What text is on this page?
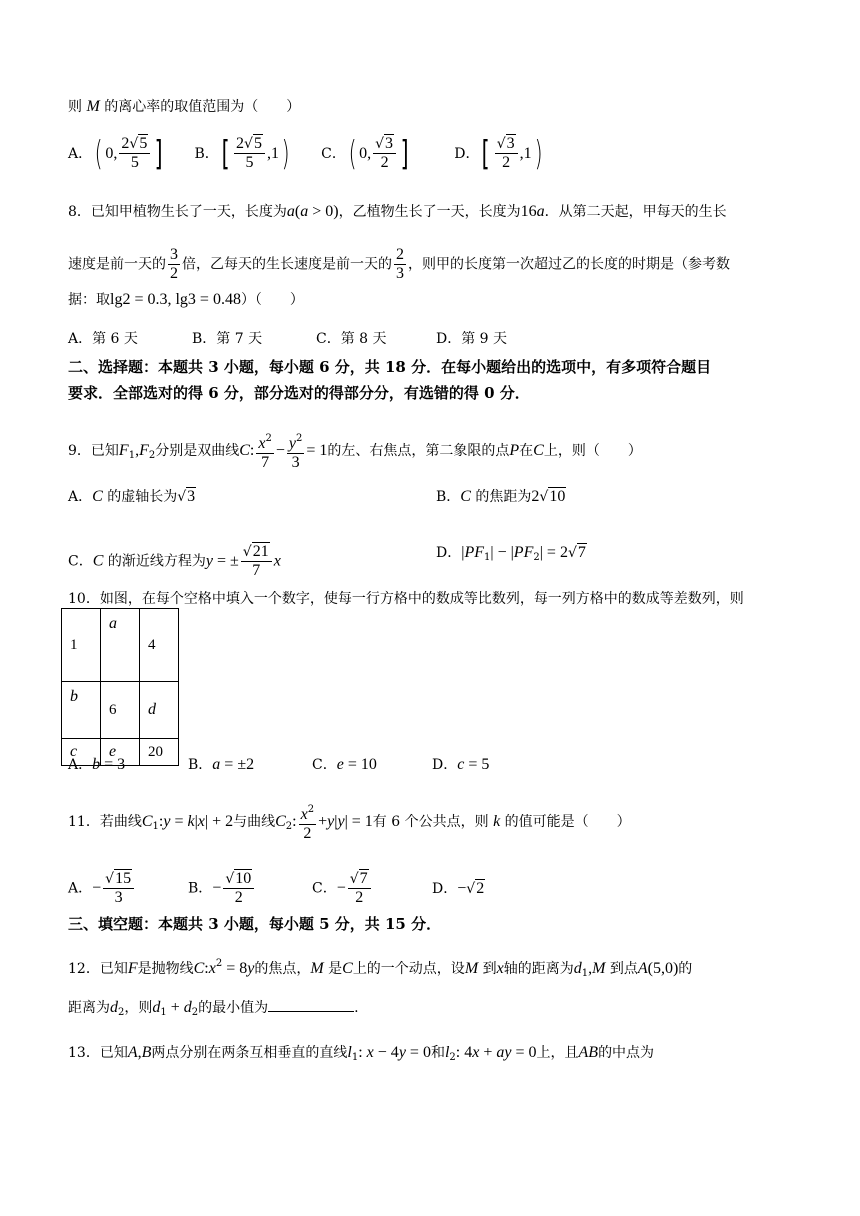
则 M 的离心率的取值范围为（　　）
A．( 0, $\frac{2√5}{5}$ ] B．[ $\frac{2√5}{5} ,1$) C．( 0, $\frac{√3}{2}$ ]	D．[ $\frac{√3}{2} ,1$)
8．已知甲植物生长了一天，长度为a(a > 0)，乙植物生长了一天，长度为16a．从第二天起，甲每天的生长
速度是前一天的 $\frac{3}{2}$ 倍，乙每天的生长速度是前一天的 $\frac{2}{3}$ ，则甲的长度第一次超过乙的长度的时期是（参考数
据：取lg2 = 0.3, lg3 = 0.48）（　　）
A．第 6 天	B．第 7 天	C．第 8 天	D．第 9 天
二、选择题：本题共 3 小题，每小题 6 分，共 18 分．在每小题给出的选项中，有多项符合题目
要求．全部选对的得 6 分，部分选对的得部分分，有选错的得 0 分．
9．已知$F_1,F_2$分别是双曲线C: $\frac{x^2}{7} - \frac{y^2}{3} = 1$的左、右焦点，第二象限的点P在C上，则（　　）
A．C 的虚轴长为√3	B．C 的焦距为2√10
C．C 的渐近线方程为y = ± $\frac{√21}{7}$ x	D．$|PF_1| - |PF_2| = 2√7$
10．如图，在每个空格中填入一个数字，使每一行方格中的数成等比数列，每一列方格中的数成等差数列，则
1	a	4
b	6	d
c	e	20
A．b = 3	B．a = ±2	C．e = 10	D．c = 5
11．若曲线$C_1:y = k|x| + 2$与曲线$C_2$: $\frac{x^2}{2} +y|y| = 1$有 6 个公共点，则 k 的值可能是（　　）
A．− $\frac{√15}{3}$	B．− $\frac{√10}{2}$	C．− $\frac{√7}{2}$	D．−√2
三、填空题：本题共 3 小题，每小题 5 分，共 15 分．
12．已知F是抛物线$C:x^2 = 8y$的焦点，M 是C上的一个动点，设M 到x轴的距离为$d_1,M$ 到点A(5,0)的
距离为$d_2$，则$d_1 + d_2$的最小值为	.
13．已知A,B两点分别在两条互相垂直的直线$l_1$: x − 4y = 0和$l_2$: 4x + ay = 0上，且AB的中点为
